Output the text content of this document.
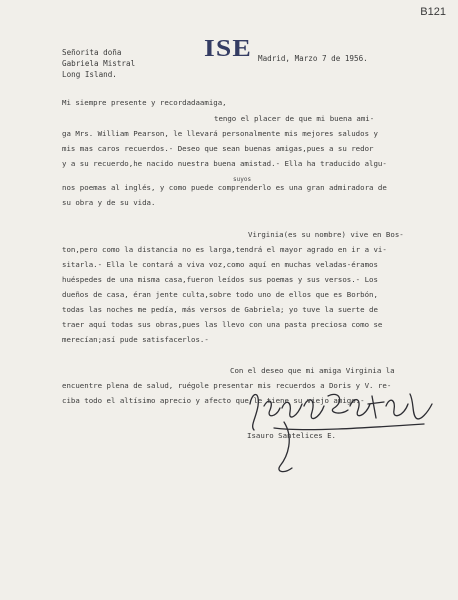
B121
ISE Madrid, Marzo 7 de 1956.
Señorita doña
Gabriela Mistral
Long Island.
Mi siempre presente y recordadaamiga,
tengo el placer de que mi buena ami-
ga Mrs. William Pearson, le llevará personalmente mis mejores saludos y
mis mas caros recuerdos.- Deseo que sean buenas amigas,pues a su redor
y a su recuerdo,he nacido nuestra buena amistad.- Ella ha traducido algu-
suyos
nos poemas al inglés, y como puede comprenderlo es una gran admiradora de
su obra y de su vida.
Virginia(es su nombre) vive en Bos-
ton,pero como la distancia no es larga,tendrá el mayor agrado en ir a vi-
sitarla.- Ella le contará a viva voz,como aquí en muchas veladas-éramos
huéspedes de una misma casa,fueron leídos sus poemas y sus versos.- Los
dueños de casa, éran jente culta,sobre todo uno de ellos que es Borbón,
todas las noches me pedía, más versos de Gabriela; yo tuve la suerte de
traer aquí todas sus obras,pues las llevo con una pasta preciosa como se
merecían;así pude satisfacerlos.-
Con el deseo que mi amiga Virginia la
encuentre plena de salud, ruégole presentar mis recuerdos a Doris y V. re-
ciba todo el altísimo aprecio y afecto que le tiene su viejo amigo.-
Isauro Santelices E.
